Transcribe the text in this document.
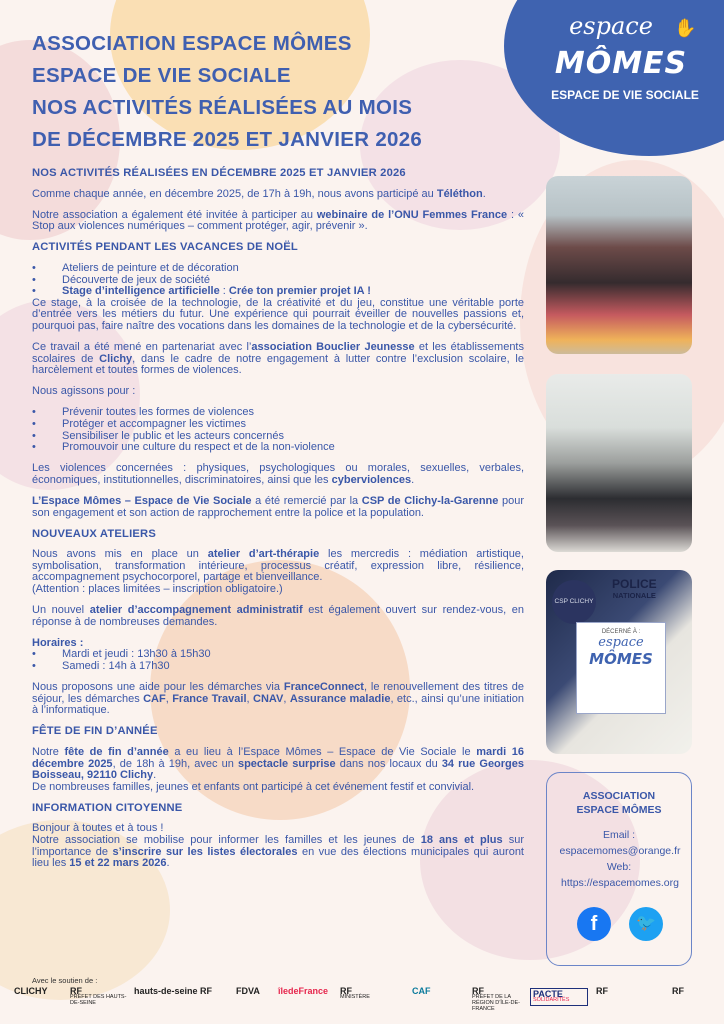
espace	✋
MÔMES
ESPACE DE VIE SOCIALE
ASSOCIATION ESPACE MÔMES
ESPACE DE VIE SOCIALE
NOS ACTIVITÉS RÉALISÉES AU MOIS
DE DÉCEMBRE 2025 ET JANVIER 2026
NOS ACTIVITÉS RÉALISÉES EN DÉCEMBRE 2025 ET JANVIER 2026

Comme chaque année, en décembre 2025, de 17h à 19h, nous avons participé au Téléthon.

Notre association a également été invitée à participer au webinaire de l’ONU Femmes France : « Stop aux violences numériques – comment protéger, agir, prévenir ».

ACTIVITÉS PENDANT LES VACANCES DE NOËL
• Ateliers de peinture et de décoration
• Découverte de jeux de société
• Stage d’intelligence artificielle : Crée ton premier projet IA !

Ce stage, à la croisée de la technologie, de la créativité et du jeu, constitue une véritable porte d’entrée vers les métiers du futur. Une expérience qui pourrait éveiller de nouvelles passions et, pourquoi pas, faire naître des vocations dans les domaines de la technologie et de la cybersécurité.

Ce travail a été mené en partenariat avec l’association Bouclier Jeunesse et les établissements scolaires de Clichy, dans le cadre de notre engagement à lutter contre l’exclusion scolaire, le harcèlement et toutes formes de violences.

Nous agissons pour :

• Prévenir toutes les formes de violences
• Protéger et accompagner les victimes
• Sensibiliser le public et les acteurs concernés
• Promouvoir une culture du respect et de la non-violence

Les violences concernées : physiques, psychologiques ou morales, sexuelles, verbales, économiques, institutionnelles, discriminatoires, ainsi que les cyberviolences.

L’Espace Mômes – Espace de Vie Sociale a été remercié par la CSP de Clichy-la-Garenne pour son engagement et son action de rapprochement entre la police et la population.

NOUVEAUX ATELIERS

Nous avons mis en place un atelier d’art-thérapie les mercredis : médiation artistique, symbolisation, transformation intérieure, processus créatif, expression libre, résilience, accompagnement psychocorporel, partage et bienveillance.
(Attention : places limitées – inscription obligatoire.)

Un nouvel atelier d’accompagnement administratif est également ouvert sur rendez-vous, en réponse à de nombreuses demandes.

Horaires :
• Mardi et jeudi : 13h30 à 15h30
• Samedi : 14h à 17h30

Nous proposons une aide pour les démarches via FranceConnect, le renouvellement des titres de séjour, les démarches CAF, France Travail, CNAV, Assurance maladie, etc., ainsi qu’une initiation à l’informatique.

FÊTE DE FIN D’ANNÉE

Notre fête de fin d’année a eu lieu à l’Espace Mômes – Espace de Vie Sociale le mardi 16 décembre 2025, de 18h à 19h, avec un spectacle surprise dans nos locaux du 34 rue Georges Boisseau, 92110 Clichy.
De nombreuses familles, jeunes et enfants ont participé à cet événement festif et convivial.

INFORMATION CITOYENNE

Bonjour à toutes et à tous !
Notre association se mobilise pour informer les familles et les jeunes de 18 ans et plus sur l’importance de s’inscrire sur les listes électorales en vue des élections municipales qui auront lieu les 15 et 22 mars 2026.

CSP CLICHY
POLICE
NATIONALE
DÉCERNÉ À :
espace
MÔMES
ASSOCIATION
ESPACE MÔMES
Email :
espacemomes@orange.fr
Web:
https://espacemomes.org
f	🐦
Avec le soutien de :
CLICHY	RF
PRÉFET DES HAUTS-DE-SEINE
hauts-de-seine RF	FDVA îledeFrance RF
MINISTÈRE
CAF	RF
PRÉFET DE LA RÉGION D’ÎLE-DE-FRANCE
PACTE
SOLIDARITÉS
RF	RF
